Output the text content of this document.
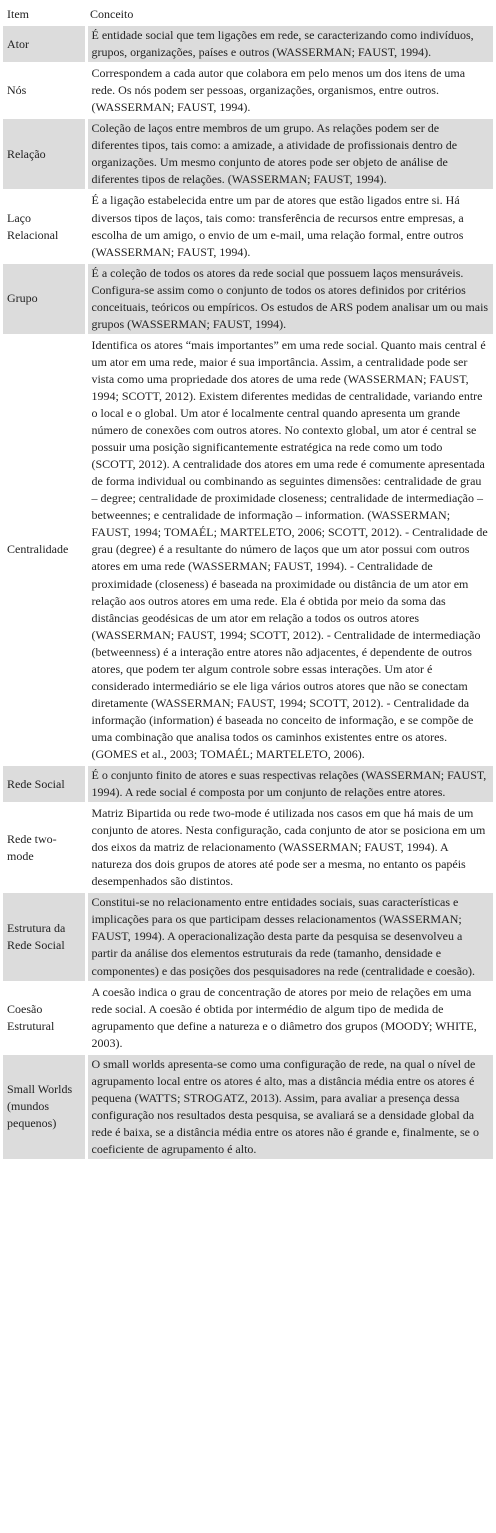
Item	Conceito
Ator	É entidade social que tem ligações em rede, se caracterizando como indivíduos, grupos, organizações, países e outros (WASSERMAN; FAUST, 1994).
Nós	Correspondem a cada autor que colabora em pelo menos um dos itens de uma rede. Os nós podem ser pessoas, organizações, organismos, entre outros. (WASSERMAN; FAUST, 1994).
Relação	Coleção de laços entre membros de um grupo. As relações podem ser de diferentes tipos, tais como: a amizade, a atividade de profissionais dentro de organizações. Um mesmo conjunto de atores pode ser objeto de análise de diferentes tipos de relações. (WASSERMAN; FAUST, 1994).
Laço Relacional	É a ligação estabelecida entre um par de atores que estão ligados entre si. Há diversos tipos de laços, tais como: transferência de recursos entre empresas, a escolha de um amigo, o envio de um e-mail, uma relação formal, entre outros (WASSERMAN; FAUST, 1994).
Grupo	É a coleção de todos os atores da rede social que possuem laços mensuráveis. Configura-se assim como o conjunto de todos os atores definidos por critérios conceituais, teóricos ou empíricos. Os estudos de ARS podem analisar um ou mais grupos (WASSERMAN; FAUST, 1994).
Centralidade	Identifica os atores “mais importantes” em uma rede social. Quanto mais central é um ator em uma rede, maior é sua importância. Assim, a centralidade pode ser vista como uma propriedade dos atores de uma rede (WASSERMAN; FAUST, 1994; SCOTT, 2012). Existem diferentes medidas de centralidade, variando entre o local e o global. Um ator é localmente central quando apresenta um grande número de conexões com outros atores. No contexto global, um ator é central se possuir uma posição significantemente estratégica na rede como um todo (SCOTT, 2012). A centralidade dos atores em uma rede é comumente apresentada de forma individual ou combinando as seguintes dimensões: centralidade de grau – degree; centralidade de proximidade closeness; centralidade de intermediação – betweennes; e centralidade de informação – information. (WASSERMAN; FAUST, 1994; TOMAÉL; MARTELETO, 2006; SCOTT, 2012). - Centralidade de grau (degree) é a resultante do número de laços que um ator possui com outros atores em uma rede (WASSERMAN; FAUST, 1994). - Centralidade de proximidade (closeness) é baseada na proximidade ou distância de um ator em relação aos outros atores em uma rede. Ela é obtida por meio da soma das distâncias geodésicas de um ator em relação a todos os outros atores (WASSERMAN; FAUST, 1994; SCOTT, 2012). - Centralidade de intermediação (betweenness) é a interação entre atores não adjacentes, é dependente de outros atores, que podem ter algum controle sobre essas interações. Um ator é considerado intermediário se ele liga vários outros atores que não se conectam diretamente (WASSERMAN; FAUST, 1994; SCOTT, 2012). - Centralidade da informação (information) é baseada no conceito de informação, e se compõe de uma combinação que analisa todos os caminhos existentes entre os atores. (GOMES et al., 2003; TOMAÉL; MARTELETO, 2006).
Rede Social	É o conjunto finito de atores e suas respectivas relações (WASSERMAN; FAUST, 1994). A rede social é composta por um conjunto de relações entre atores.
Rede two-mode	Matriz Bipartida ou rede two-mode é utilizada nos casos em que há mais de um conjunto de atores. Nesta configuração, cada conjunto de ator se posiciona em um dos eixos da matriz de relacionamento (WASSERMAN; FAUST, 1994). A natureza dos dois grupos de atores até pode ser a mesma, no entanto os papéis desempenhados são distintos.
Estrutura da Rede Social	Constitui-se no relacionamento entre entidades sociais, suas características e implicações para os que participam desses relacionamentos (WASSERMAN; FAUST, 1994). A operacionalização desta parte da pesquisa se desenvolveu a partir da análise dos elementos estruturais da rede (tamanho, densidade e componentes) e das posições dos pesquisadores na rede (centralidade e coesão).
Coesão Estrutural	A coesão indica o grau de concentração de atores por meio de relações em uma rede social. A coesão é obtida por intermédio de algum tipo de medida de agrupamento que define a natureza e o diâmetro dos grupos (MOODY; WHITE, 2003).
Small Worlds (mundos pequenos)	O small worlds apresenta-se como uma configuração de rede, na qual o nível de agrupamento local entre os atores é alto, mas a distância média entre os atores é pequena (WATTS; STROGATZ, 2013). Assim, para avaliar a presença dessa configuração nos resultados desta pesquisa, se avaliará se a densidade global da rede é baixa, se a distância média entre os atores não é grande e, finalmente, se o coeficiente de agrupamento é alto.
